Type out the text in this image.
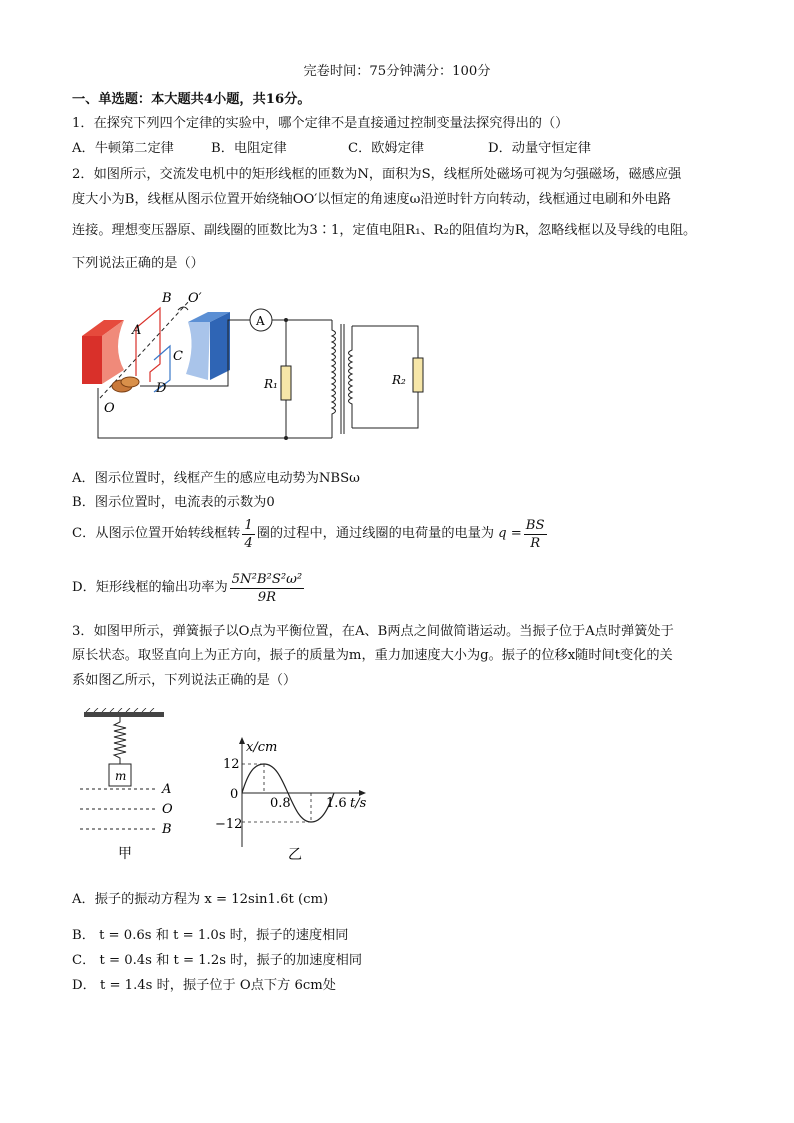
完卷时间：75分钟满分：100分
一、单选题：本大题共4小题，共16分。
1．在探究下列四个定律的实验中，哪个定律不是直接通过控制变量法探究得出的（）
A．牛顿第二定律	B．电阻定律	C．欧姆定律	D．动量守恒定律
2．如图所示，交流发电机中的矩形线框的匝数为N，面积为S，线框所处磁场可视为匀强磁场，磁感应强
度大小为B，线框从图示位置开始绕轴OO′以恒定的角速度ω沿逆时针方向转动，线框通过电刷和外电路
连接。理想变压器原、副线圈的匝数比为3∶1，定值电阻R₁、R₂的阻值均为R，忽略线框以及导线的电阻。
下列说法正确的是（）
B O′
A
C
D
O
A
R₁	R₂
A．图示位置时，线框产生的感应电动势为NBSω
B．图示位置时，电流表的示数为0
C．从图示位置开始转线框转 $\frac{1}{4}$ 圈的过程中，通过线圈的电荷量的电量为 $q = \frac{BS}{R}$
D．矩形线框的输出功率为 $\frac{\text{5N²B²S²ω²}}{9R}$
3．如图甲所示，弹簧振子以O点为平衡位置，在A、B两点之间做简谐运动。当振子位于A点时弹簧处于
原长状态。取竖直向上为正方向，振子的质量为m，重力加速度大小为g。振子的位移x随时间t变化的关
系如图乙所示，下列说法正确的是（）
m
A
O
B
甲
x/cm
12
0
−12
0.8	1.6 t/s
乙
A．振子的振动方程为 x = 12sin1.6t (cm)
B． t = 0.6s 和 t = 1.0s 时，振子的速度相同
C． t = 0.4s 和 t = 1.2s 时，振子的加速度相同
D． t = 1.4s 时，振子位于 O点下方 6cm处
